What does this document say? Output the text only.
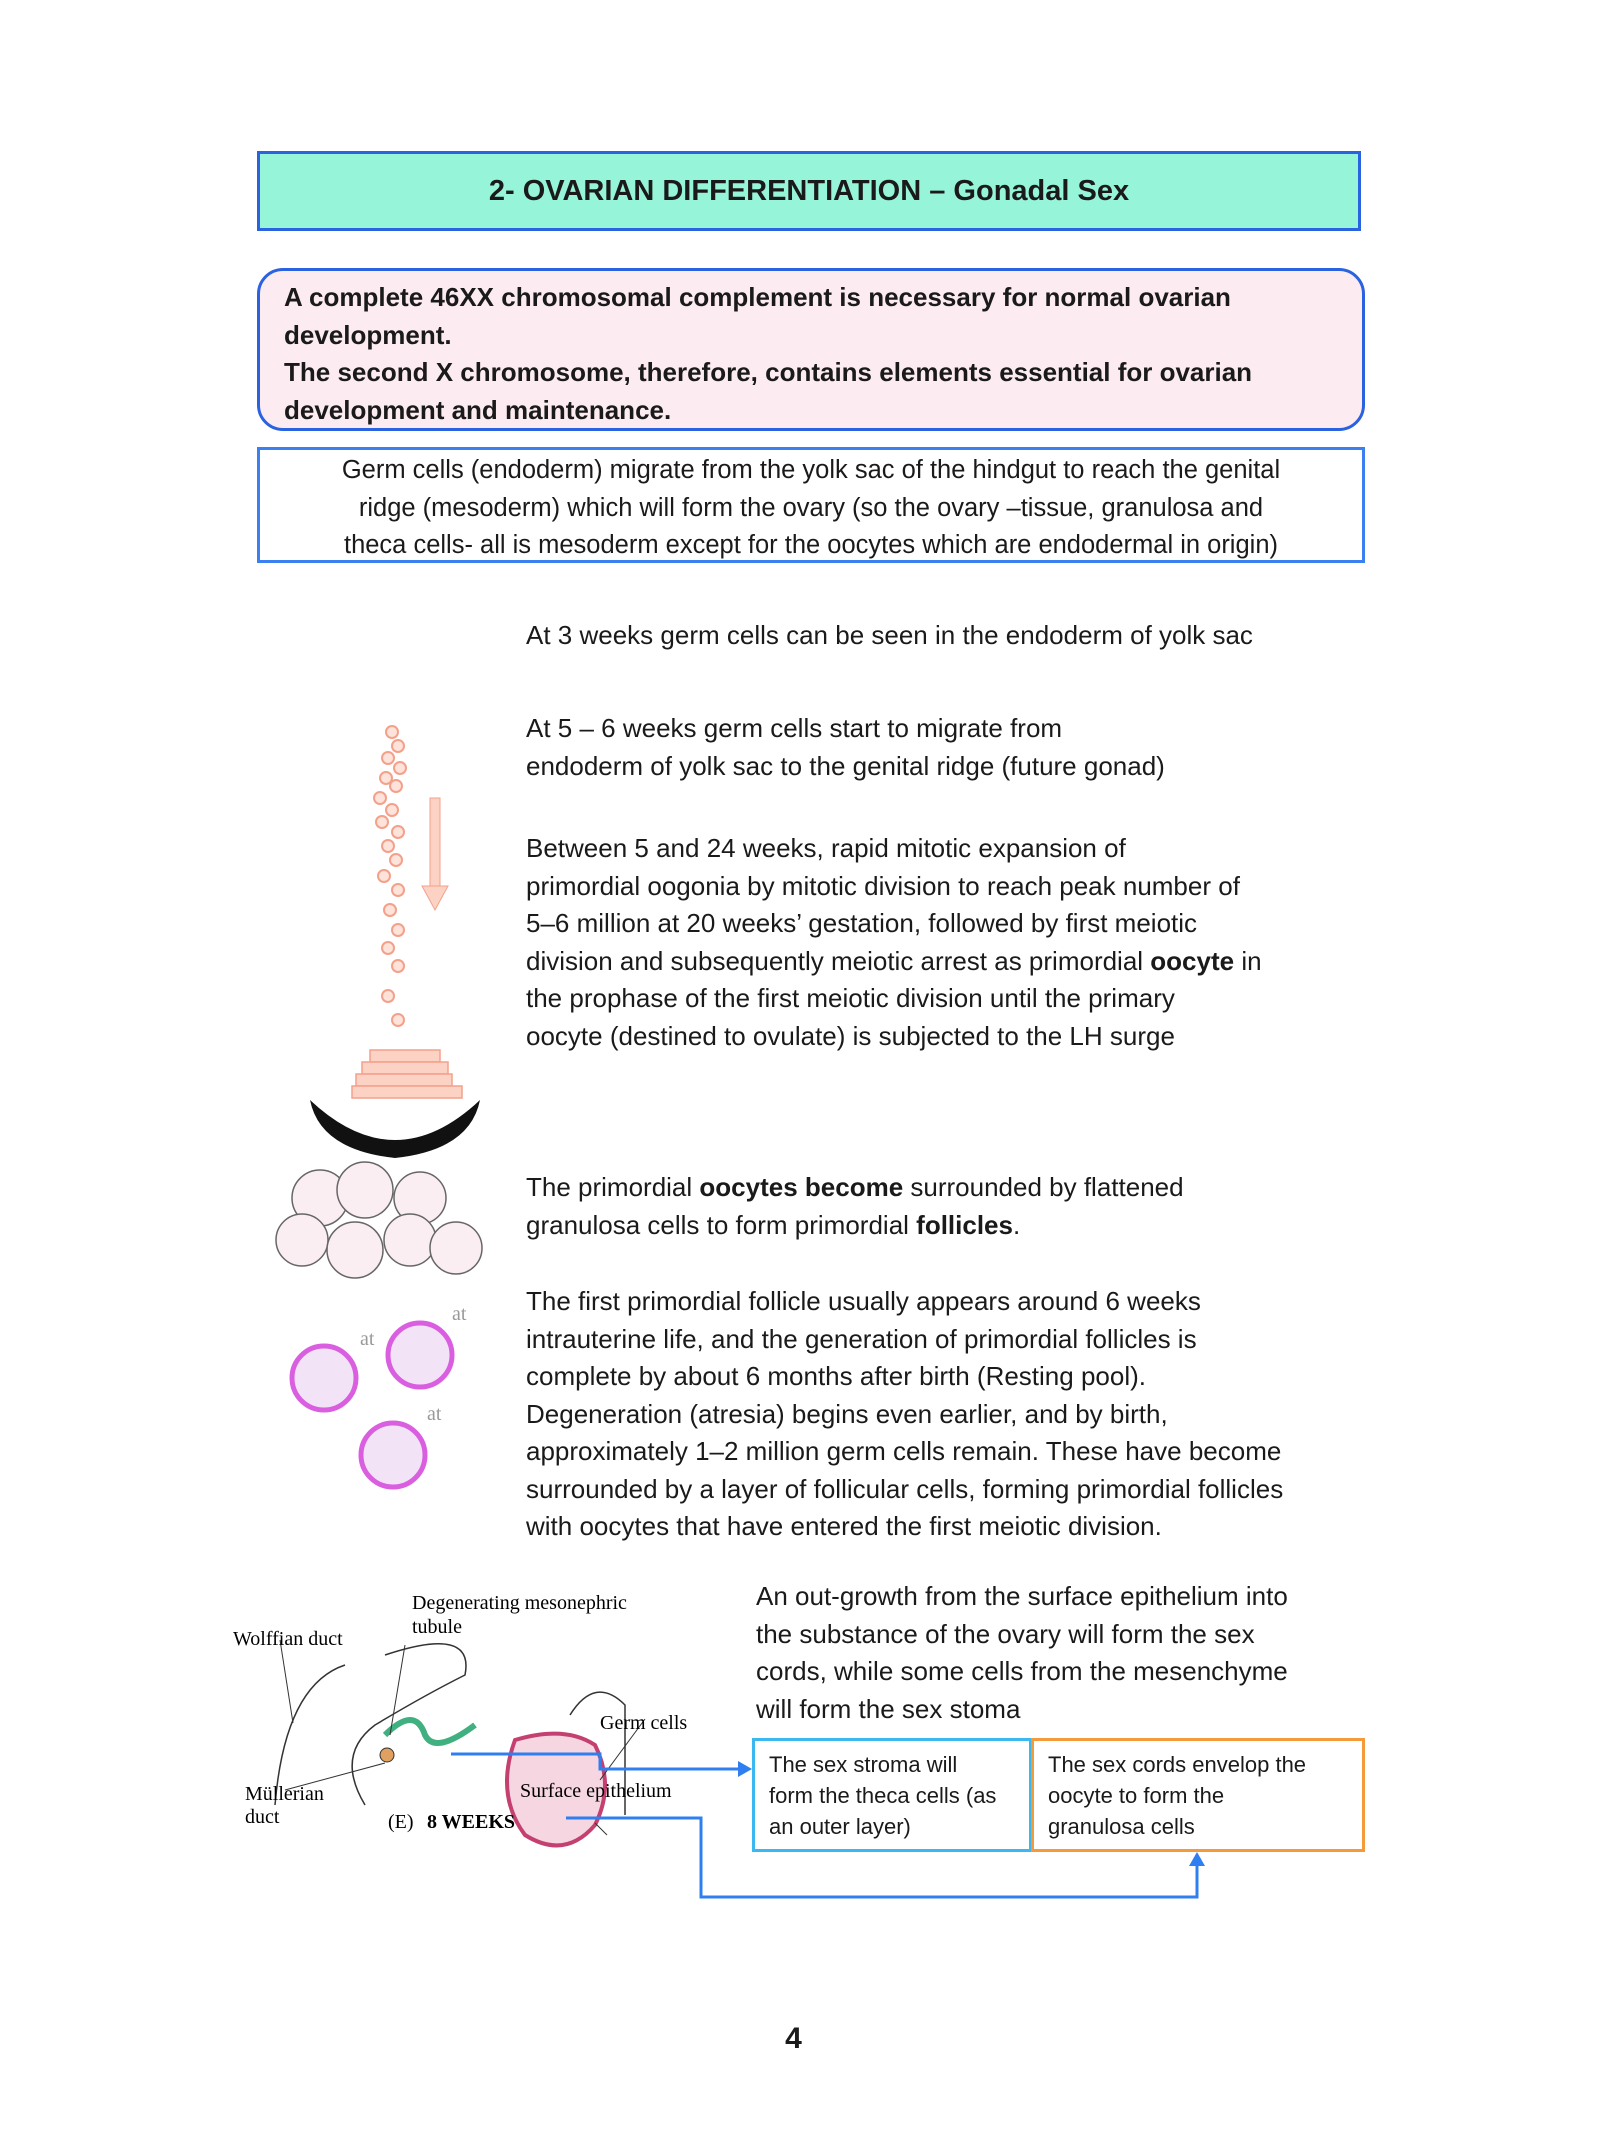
2- OVARIAN DIFFERENTIATION – Gonadal Sex
A complete 46XX chromosomal complement is necessary for normal ovarian
development.
The second X chromosome, therefore, contains elements essential for ovarian
development and maintenance.
Germ cells (endoderm) migrate from the yolk sac of the hindgut to reach the genital
ridge (mesoderm) which will form the ovary (so the ovary –tissue, granulosa and
theca cells- all is mesoderm except for the oocytes which are endodermal in origin)
At 3 weeks germ cells can be seen in the endoderm of yolk sac
At 5 – 6 weeks germ cells start to migrate from
endoderm of yolk sac to the genital ridge (future gonad)
Between 5 and 24 weeks, rapid mitotic expansion of
primordial oogonia by mitotic division to reach peak number of
5–6 million at 20 weeks’ gestation, followed by first meiotic
division and subsequently meiotic arrest as primordial oocyte in
the prophase of the first meiotic division until the primary
oocyte (destined to ovulate) is subjected to the LH surge
The primordial oocytes become surrounded by flattened
granulosa cells to form primordial follicles.
The first primordial follicle usually appears around 6 weeks
intrauterine life, and the generation of primordial follicles is
complete by about 6 months after birth (Resting pool).
Degeneration (atresia) begins even earlier, and by birth,
approximately 1–2 million germ cells remain. These have become
surrounded by a layer of follicular cells, forming primordial follicles
with oocytes that have entered the first meiotic division.
An out-growth from the surface epithelium into
the substance of the ovary will form the sex
cords, while some cells from the mesenchyme
will form the sex stoma
at
at
at
Degenerating mesonephric
tubule
Wolffian duct
Germ cells
Müllerian
duct
Surface epithelium
(E) 8 WEEKS
The sex stroma will
form the theca cells (as
an outer layer)
The sex cords envelop the
oocyte to form the
granulosa cells
4
